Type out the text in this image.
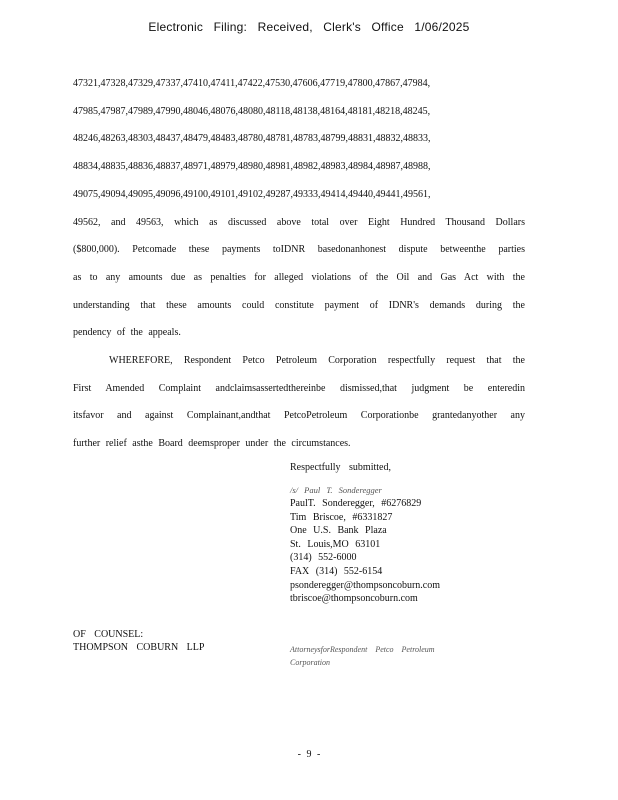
Electronic Filing: Received, Clerk's Office 1/06/2025
47321,47328,47329,47337,47410,47411,47422,47530,47606,47719,47800,47867,47984,
47985,47987,47989,47990,48046,48076,48080,48118,48138,48164,48181,48218,48245,
48246,48263,48303,48437,48479,48483,48780,48781,48783,48799,48831,48832,48833,
48834,48835,48836,48837,48971,48979,48980,48981,48982,48983,48984,48987,48988,
49075,49094,49095,49096,49100,49101,49102,49287,49333,49414,49440,49441,49561,
49562, and 49563, which as discussed above total over Eight Hundred Thousand Dollars
($800,000). Petcomade these payments toIDNR basedonanhonest dispute betweenthe parties
as to any amounts due as penalties for alleged violations of the Oil and Gas Act with the
understanding that these amounts could constitute payment of IDNR's demands during the
pendency of the appeals.
WHEREFORE, Respondent Petco Petroleum Corporation respectfully request that the
First Amended Complaint andclaimsassertedthereinbe dismissed,that judgment be enteredin
itsfavor and against Complainant,andthat PetcoPetroleum Corporationbe grantedanyother any
further relief asthe Board deemsproper under the circumstances.
Respectfully submitted,
/s/ Paul T. Sonderegger
PaulT. Sonderegger, #6276829
Tim Briscoe, #6331827
One U.S. Bank Plaza
St. Louis,MO 63101
(314) 552-6000
FAX (314) 552-6154
psonderegger@thompsoncoburn.com
tbriscoe@thompsoncoburn.com
OF COUNSEL:
THOMPSON COBURN LLP	AttorneysforRespondent Petco Petroleum
Corporation
- 9 -
